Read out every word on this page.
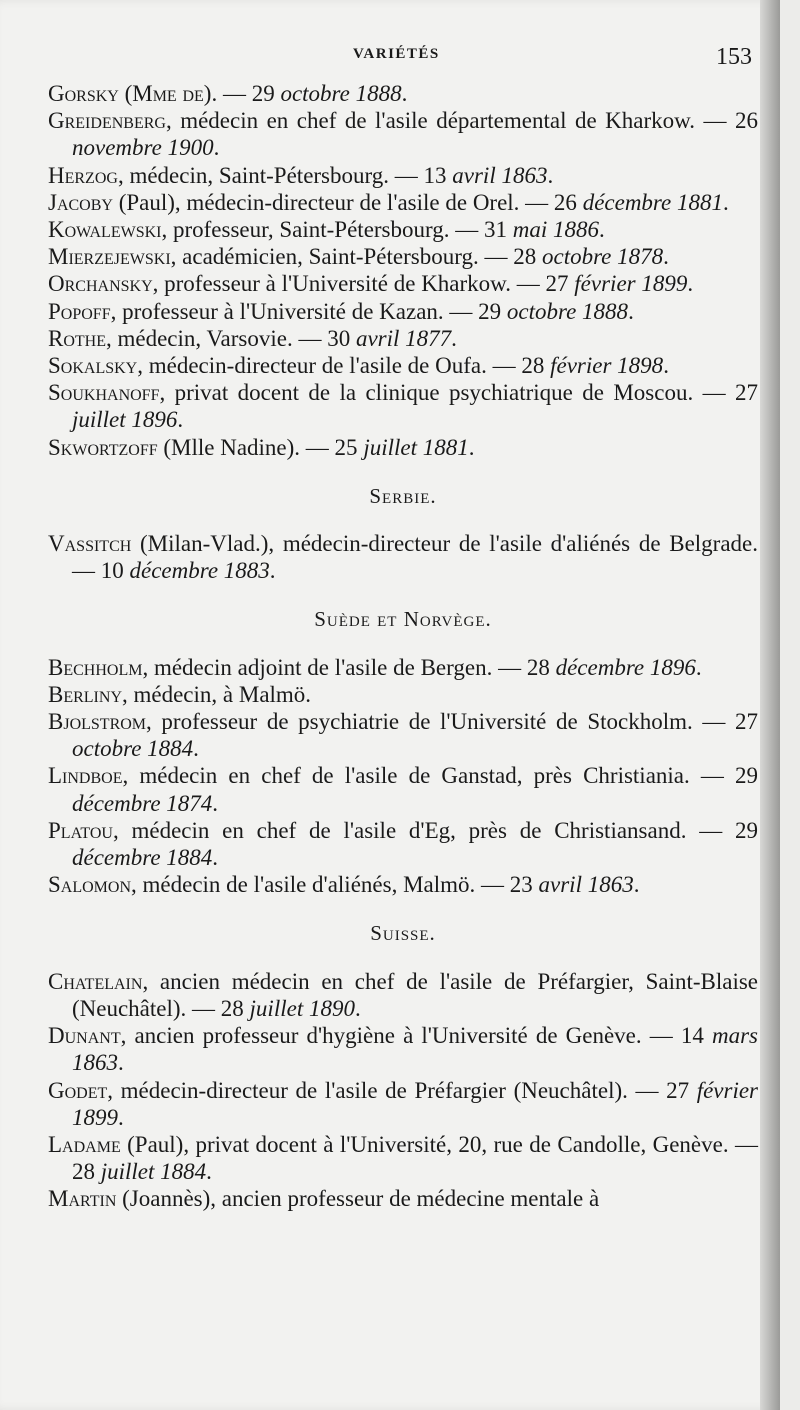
VARIÉTÉS	153
Gorsky (Mme de). — 29 octobre 1888.
Greidenberg, médecin en chef de l'asile départemental de Kharkow. — 26 novembre 1900.
Herzog, médecin, Saint-Pétersbourg. — 13 avril 1863.
Jacoby (Paul), médecin-directeur de l'asile de Orel. — 26 décembre 1881.
Kowalewski, professeur, Saint-Pétersbourg. — 31 mai 1886.
Mierzejewski, académicien, Saint-Pétersbourg. — 28 octobre 1878.
Orchansky, professeur à l'Université de Kharkow. — 27 février 1899.
Popoff, professeur à l'Université de Kazan. — 29 octobre 1888.
Rothe, médecin, Varsovie. — 30 avril 1877.
Sokalsky, médecin-directeur de l'asile de Oufa. — 28 février 1898.
Soukhanoff, privat docent de la clinique psychiatrique de Moscou. — 27 juillet 1896.
Skwortzoff (Mlle Nadine). — 25 juillet 1881.
Serbie.
Vassitch (Milan-Vlad.), médecin-directeur de l'asile d'aliénés de Belgrade. — 10 décembre 1883.
Suède et Norvège.
Bechholm, médecin adjoint de l'asile de Bergen. — 28 décembre 1896.
Berliny, médecin, à Malmö.
Bjolstrom, professeur de psychiatrie de l'Université de Stockholm. — 27 octobre 1884.
Lindboe, médecin en chef de l'asile de Ganstad, près Christiania. — 29 décembre 1874.
Platou, médecin en chef de l'asile d'Eg, près de Christiansand. — 29 décembre 1884.
Salomon, médecin de l'asile d'aliénés, Malmö. — 23 avril 1863.
Suisse.
Chatelain, ancien médecin en chef de l'asile de Préfargier, Saint-Blaise (Neuchâtel). — 28 juillet 1890.
Dunant, ancien professeur d'hygiène à l'Université de Genève. — 14 mars 1863.
Godet, médecin-directeur de l'asile de Préfargier (Neuchâtel). — 27 février 1899.
Ladame (Paul), privat docent à l'Université, 20, rue de Candolle, Genève. — 28 juillet 1884.
Martin (Joannès), ancien professeur de médecine mentale à
